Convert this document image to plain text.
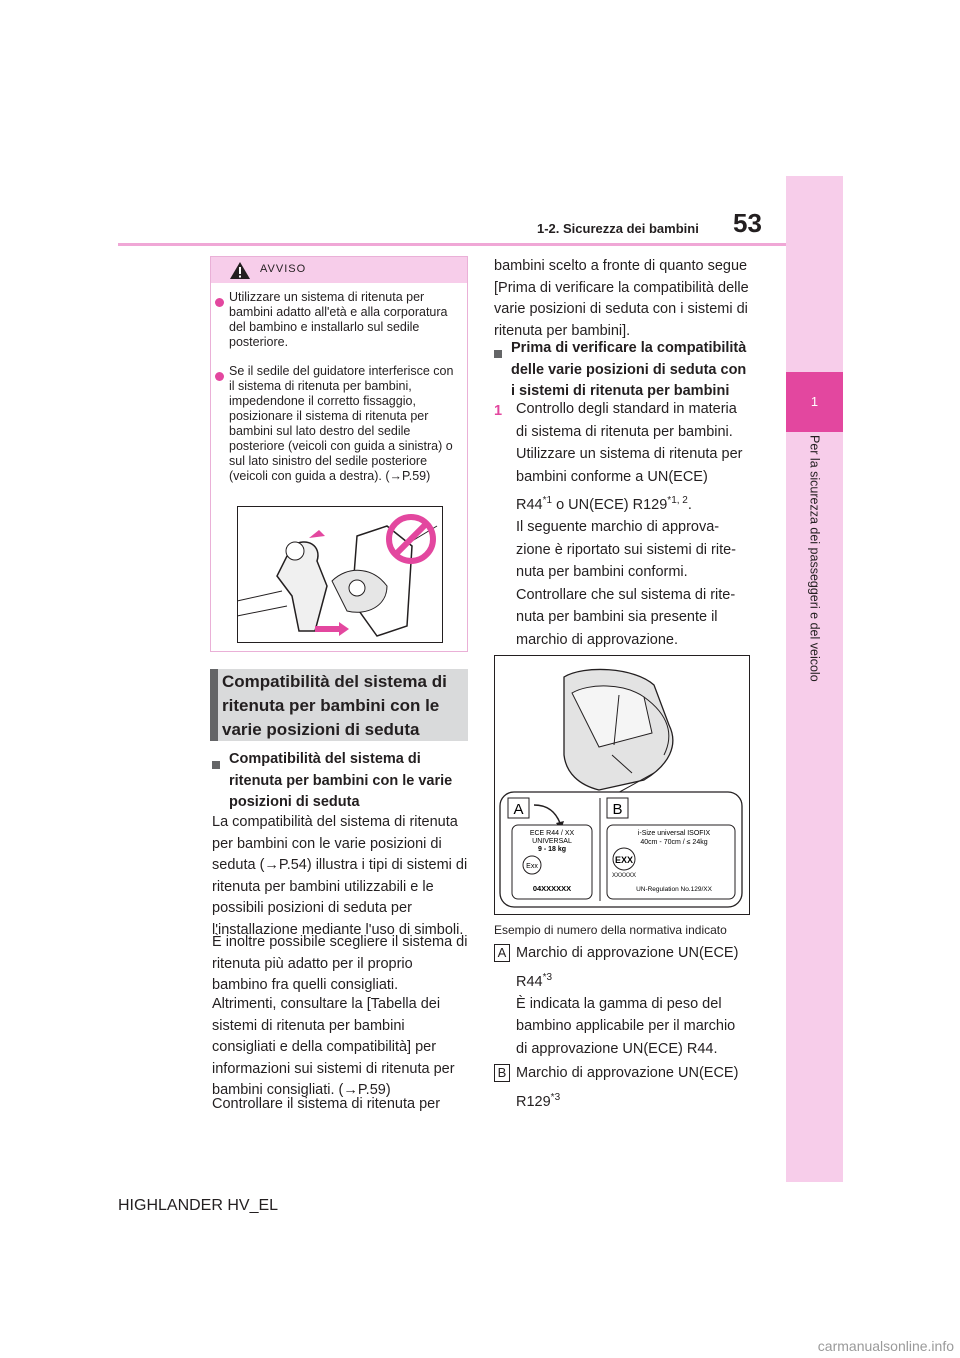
53
1-2. Sicurezza dei bambini
1
Per la sicurezza dei passeggeri e del veicolo
AVVISO
Utilizzare un sistema di ritenuta per bambini adatto all'età e alla corporatura del bambino e installarlo sul sedile posteriore.
Se il sedile del guidatore interferisce con il sistema di ritenuta per bambini, impedendone il corretto fissaggio, posizionare il sistema di ritenuta per bambini sul lato destro del sedile posteriore (veicoli con guida a sinistra) o sul lato sinistro del sedile posteriore (veicoli con guida a destra). (→P.59)
Compatibilità del sistema di ritenuta per bambini con le varie posizioni di seduta
Compatibilità del sistema di ritenuta per bambini con le varie posizioni di seduta
La compatibilità del sistema di ritenuta per bambini con le varie posizioni di seduta (→P.54) illustra i tipi di sistemi di ritenuta per bambini utilizzabili e le possibili posizioni di seduta per l'installazione mediante l'uso di simboli.
È inoltre possibile scegliere il sistema di ritenuta più adatto per il proprio bambino fra quelli consigliati.
Altrimenti, consultare la [Tabella dei sistemi di ritenuta per bambini consigliati e della compatibilità] per informazioni sui sistemi di ritenuta per bambini consigliati. (→P.59)
Controllare il sistema di ritenuta per
bambini scelto a fronte di quanto segue [Prima di verificare la compatibilità delle varie posizioni di seduta con i sistemi di ritenuta per bambini].
Prima di verificare la compatibilità delle varie posizioni di seduta con i sistemi di ritenuta per bambini
1 Controllo degli standard in materia
di sistema di ritenuta per bambini.
Utilizzare un sistema di ritenuta per
bambini conforme a UN(ECE)
R44$^{*1}$ o UN(ECE) R129$^{*1, 2}$.
Il seguente marchio di approva-
zione è riportato sui sistemi di rite-
nuta per bambini conformi.
Controllare che sul sistema di rite-
nuta per bambini sia presente il
marchio di approvazione.
A	B
ECE R44 / XX
UNIVERSAL
9 - 18 kg
Exx
04XXXXXX
i-Size universal ISOFIX
40cm - 70cm / ≤ 24kg
EXX
XXXXXX
UN-Regulation No.129/XX
Esempio di numero della normativa indicato
A Marchio di approvazione UN(ECE)
R44$^{*3}$
È indicata la gamma di peso del
bambino applicabile per il marchio
di approvazione UN(ECE) R44.
B Marchio di approvazione UN(ECE)
R129$^{*3}$
HIGHLANDER HV_EL
carmanualsonline.info
